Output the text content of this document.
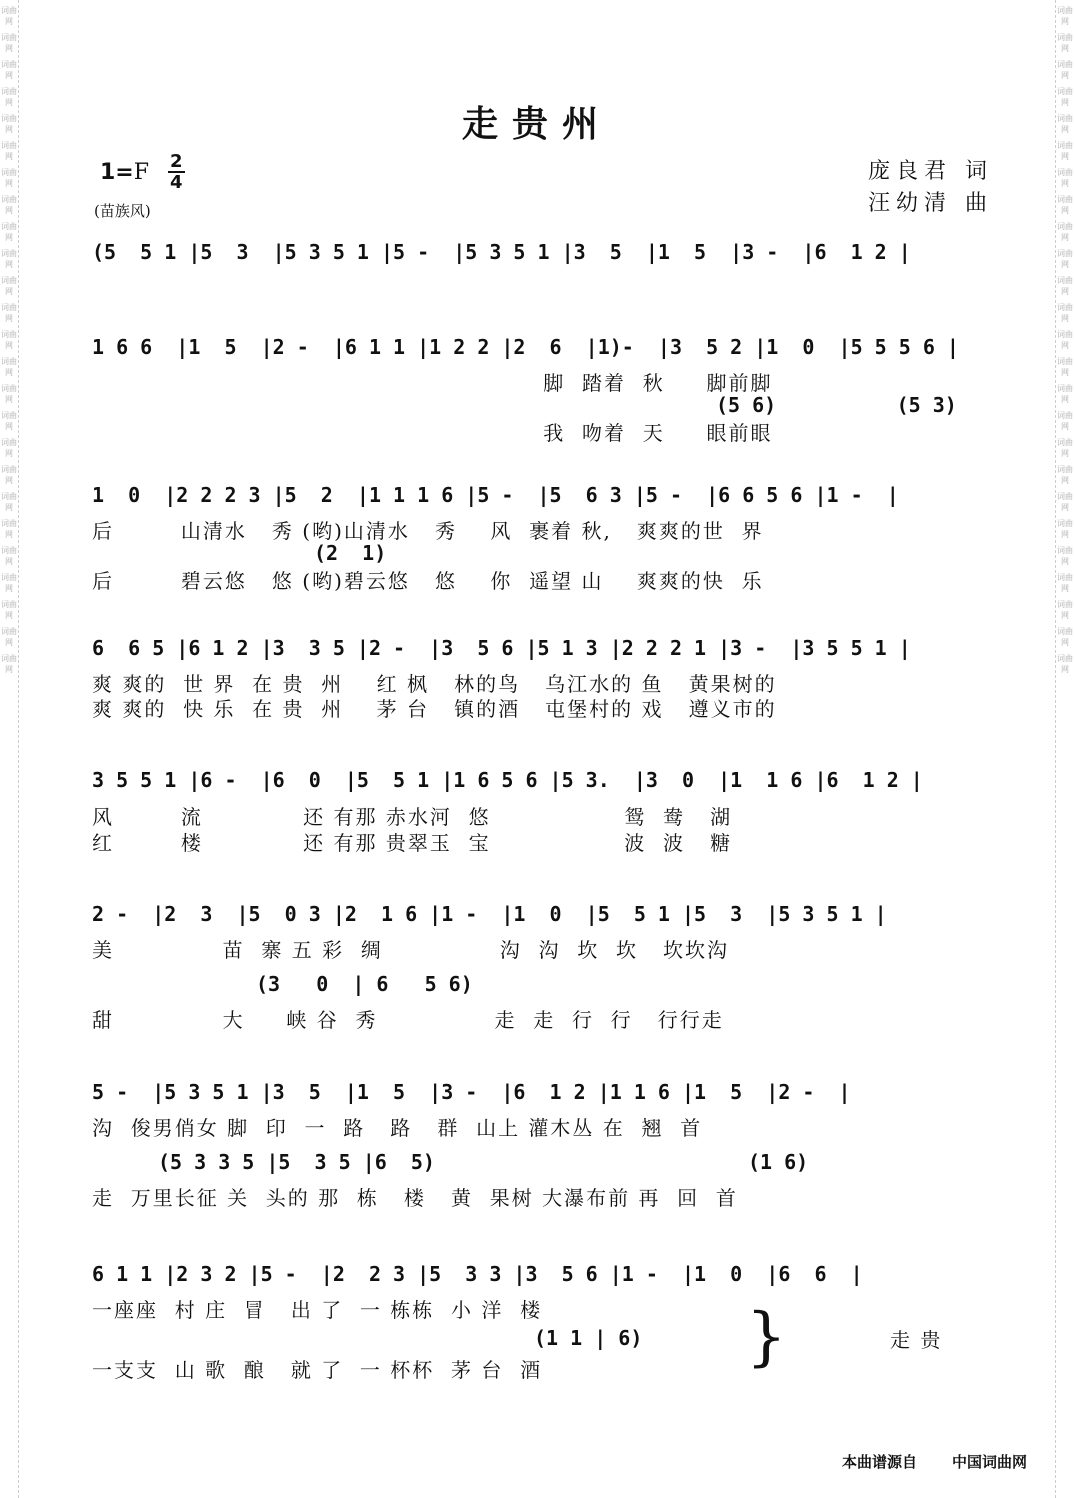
词曲网
词曲网
词曲网
词曲网
词曲网
词曲网
词曲网
词曲网
词曲网
词曲网
词曲网
词曲网
词曲网
词曲网
词曲网
词曲网
词曲网
词曲网
词曲网
词曲网
词曲网
词曲网
词曲网
词曲网
词曲网
词曲网
词曲网
词曲网
词曲网
词曲网
词曲网
词曲网
词曲网
词曲网
词曲网
词曲网
词曲网
词曲网
词曲网
词曲网
词曲网
词曲网
词曲网
词曲网
词曲网
词曲网
词曲网
词曲网
词曲网
词曲网
走贵州
$1=F \frac{2}{4}$
(苗族风)
庞良君 词
汪幼清 曲
(5  5 1 |5  3  |5 3 5 1 |5 -  |5 3 5 1 |3  5  |1  5  |3 -  |6  1 2 |
1 6 6  |1  5  |2 -  |6 1 1 |1 2 2 |2  6  |1)-  |3  5 2 |1  0  |5 5 5 6 |
脚  踏着  秋     脚前脚
(5 6)          (5 3)
我  吻着  天     眼前眼
1  0  |2 2 2 3 |5  2  |1 1 1 6 |5 -  |5  6 3 |5 -  |6 6 5 6 |1 -  |
后        山清水   秀 (哟)山清水   秀    风  裹着 秋,   爽爽的世  界
(2  1)
后        碧云悠   悠 (哟)碧云悠   悠    你  遥望 山    爽爽的快  乐
6  6 5 |6 1 2 |3  3 5 |2 -  |3  5 6 |5 1 3 |2 2 2 1 |3 -  |3 5 5 1 |
爽 爽的  世 界  在 贵  州    红 枫   林的鸟   乌江水的 鱼   黄果树的
爽 爽的  快 乐  在 贵  州    茅 台   镇的酒   屯堡村的 戏   遵义市的
3 5 5 1 |6 -  |6  0  |5  5 1 |1 6 5 6 |5 3.  |3  0  |1  1 6 |6  1 2 |
风        流            还 有那 赤水河  悠                鸳  鸯   湖
红        楼            还 有那 贵翠玉  宝                波  波   糖
2 -  |2  3  |5  0 3 |2  1 6 |1 -  |1  0  |5  5 1 |5  3  |5 3 5 1 |
美             苗  寨 五 彩  绸              沟  沟  坎  坎   坎坎沟
(3   0  | 6   5 6)
甜             大     峡 谷  秀              走  走  行  行   行行走
5 -  |5 3 5 1 |3  5  |1  5  |3 -  |6  1 2 |1 1 6 |1  5  |2 -  |
沟  俊男俏女 脚  印  一  路   路   群  山上 灌木丛 在  翘  首
(5 3 3 5 |5  3 5 |6  5)	(1 6)
走  万里长征 关  头的 那  栋   楼   黄  果树 大瀑布前 再  回  首
6 1 1 |2 3 2 |5 -  |2  2 3 |5  3 3 |3  5 6 |1 -  |1  0  |6  6  |
一座座  村 庄  冒   出 了  一 栋栋  小 洋  楼
(1 1 | 6)
一支支  山 歌  酿   就 了  一 杯杯  茅 台  酒	}	走 贵
本曲谱源自 中国词曲网
